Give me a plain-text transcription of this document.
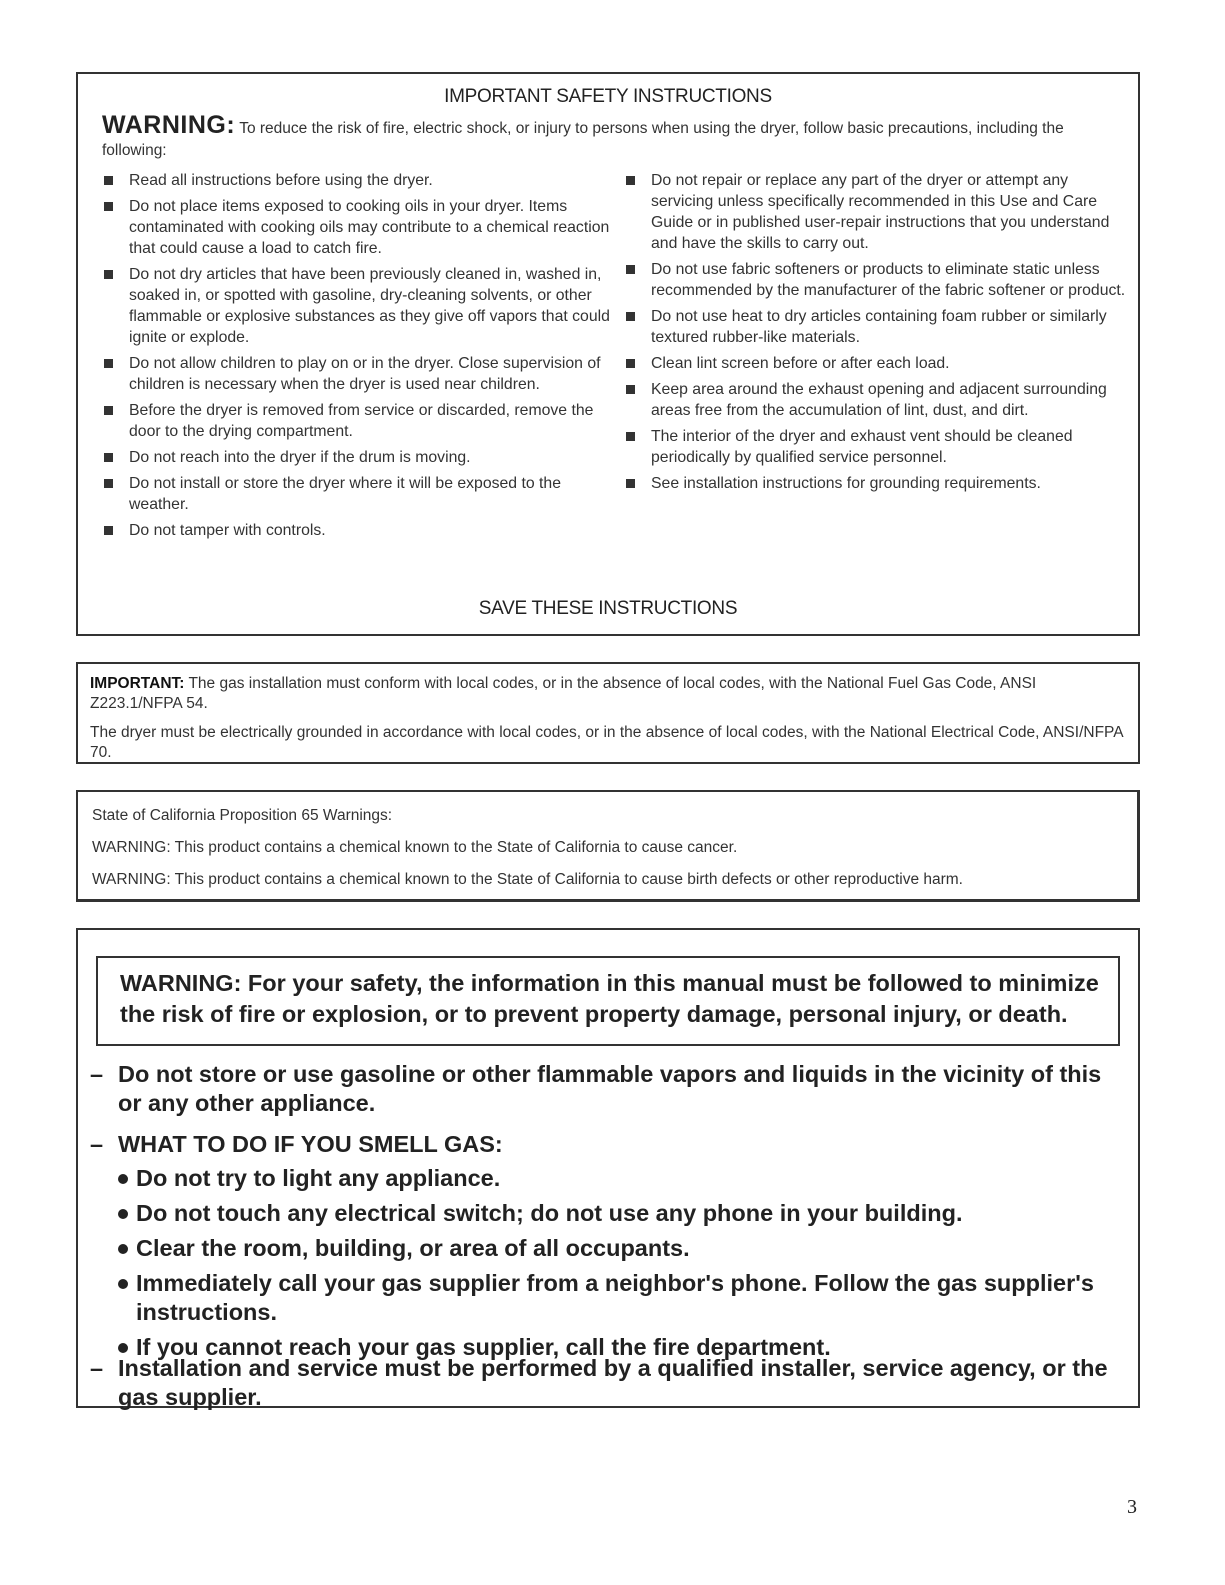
IMPORTANT SAFETY INSTRUCTIONS
WARNING: To reduce the risk of fire, electric shock, or injury to persons when using the dryer, follow basic precautions, including the following:
Read all instructions before using the dryer.
Do not place items exposed to cooking oils in your dryer. Items contaminated with cooking oils may contribute to a chemical reaction that could cause a load to catch fire.
Do not dry articles that have been previously cleaned in, washed in, soaked in, or spotted with gasoline, dry-cleaning solvents, or other flammable or explosive substances as they give off vapors that could ignite or explode.
Do not allow children to play on or in the dryer. Close supervision of children is necessary when the dryer is used near children.
Before the dryer is removed from service or discarded, remove the door to the drying compartment.
Do not reach into the dryer if the drum is moving.
Do not install or store the dryer where it will be exposed to the weather.
Do not tamper with controls.
Do not repair or replace any part of the dryer or attempt any servicing unless specifically recommended in this Use and Care Guide or in published user-repair instructions that you understand and have the skills to carry out.
Do not use fabric softeners or products to eliminate static unless recommended by the manufacturer of the fabric softener or product.
Do not use heat to dry articles containing foam rubber or similarly textured rubber-like materials.
Clean lint screen before or after each load.
Keep area around the exhaust opening and adjacent surrounding areas free from the accumulation of lint, dust, and dirt.
The interior of the dryer and exhaust vent should be cleaned periodically by qualified service personnel.
See installation instructions for grounding requirements.
SAVE THESE INSTRUCTIONS

IMPORTANT: The gas installation must conform with local codes, or in the absence of local codes, with the National Fuel Gas Code, ANSI Z223.1/NFPA 54.

The dryer must be electrically grounded in accordance with local codes, or in the absence of local codes, with the National Electrical Code, ANSI/NFPA 70.

State of California Proposition 65 Warnings:

WARNING: This product contains a chemical known to the State of California to cause cancer.

WARNING: This product contains a chemical known to the State of California to cause birth defects or other reproductive harm.

WARNING: For your safety, the information in this manual must be followed to minimize the risk of fire or explosion, or to prevent property damage, personal injury, or death.
– Do not store or use gasoline or other flammable vapors and liquids in the vicinity of this or any other appliance.
– WHAT TO DO IF YOU SMELL GAS:
Do not try to light any appliance.
Do not touch any electrical switch; do not use any phone in your building.
Clear the room, building, or area of all occupants.
Immediately call your gas supplier from a neighbor's phone. Follow the gas supplier's instructions.
If you cannot reach your gas supplier, call the fire department.
– Installation and service must be performed by a qualified installer, service agency, or the gas supplier.
3
